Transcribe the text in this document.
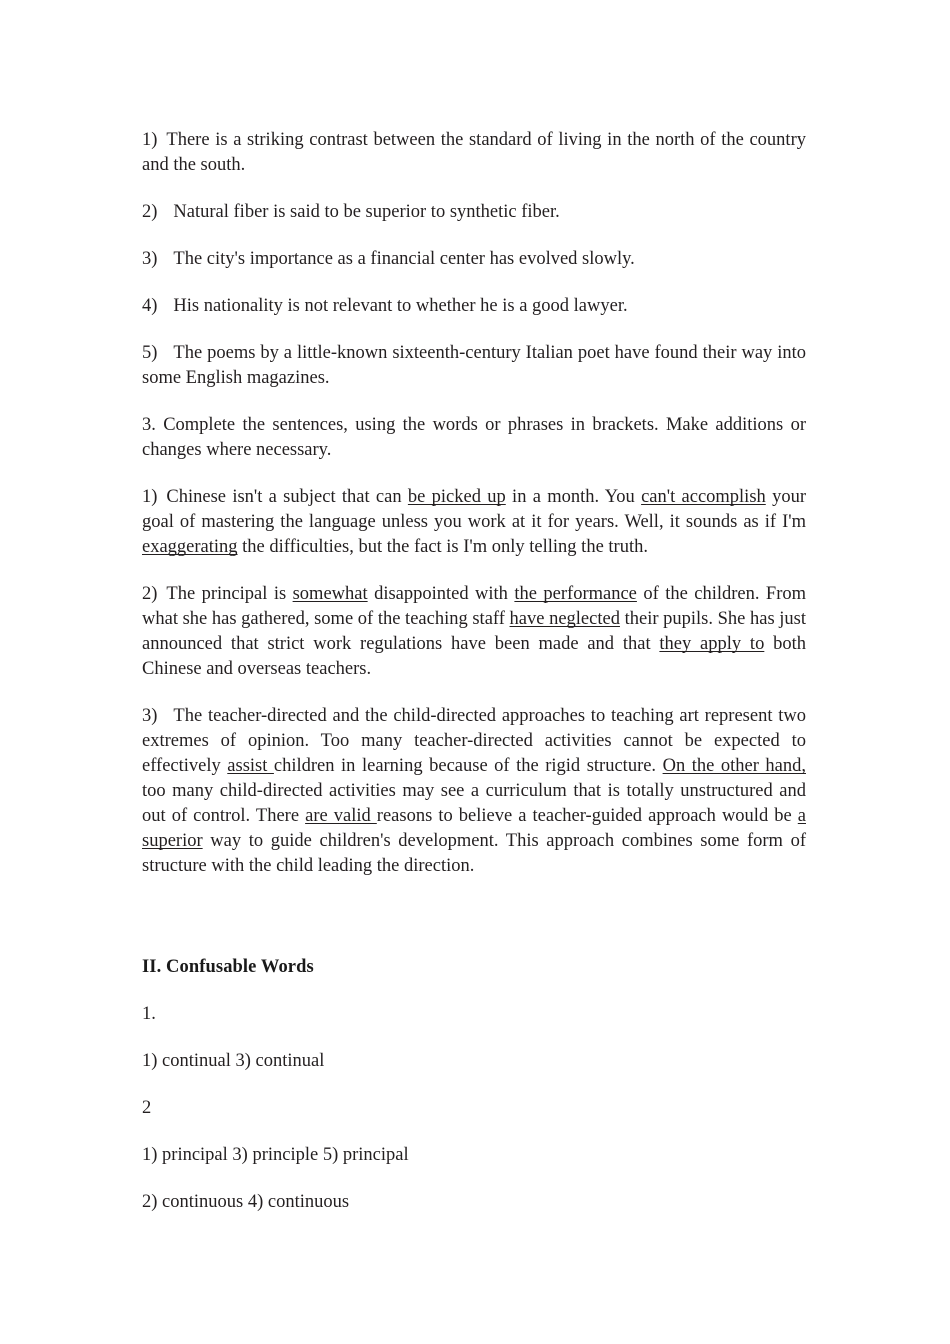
1) There is a striking contrast between the standard of living in the north of the country and the south.

2) Natural fiber is said to be superior to synthetic fiber.

3) The city's importance as a financial center has evolved slowly.

4) His nationality is not relevant to whether he is a good lawyer.

5) The poems by a little-known sixteenth-century Italian poet have found their way into some English magazines.

3. Complete the sentences, using the words or phrases in brackets. Make additions or changes where necessary.

1) Chinese isn't a subject that can be picked up in a month. You can't accomplish your goal of mastering the language unless you work at it for years. Well, it sounds as if I'm exaggerating the difficulties, but the fact is I'm only telling the truth.

2) The principal is somewhat disappointed with the performance of the children. From what she has gathered, some of the teaching staff have neglected their pupils. She has just announced that strict work regulations have been made and that they apply to both Chinese and overseas teachers.

3) The teacher-directed and the child-directed approaches to teaching art represent two extremes of opinion. Too many teacher-directed activities cannot be expected to effectively assist children in learning because of the rigid structure. On the other hand, too many child-directed activities may see a curriculum that is totally unstructured and out of control. There are valid reasons to believe a teacher-guided approach would be a superior way to guide children's development. This approach combines some form of structure with the child leading the direction.

II. Confusable Words

1.

1) continual 3) continual

2

1) principal 3) principle 5) principal

2) continuous 4) continuous
